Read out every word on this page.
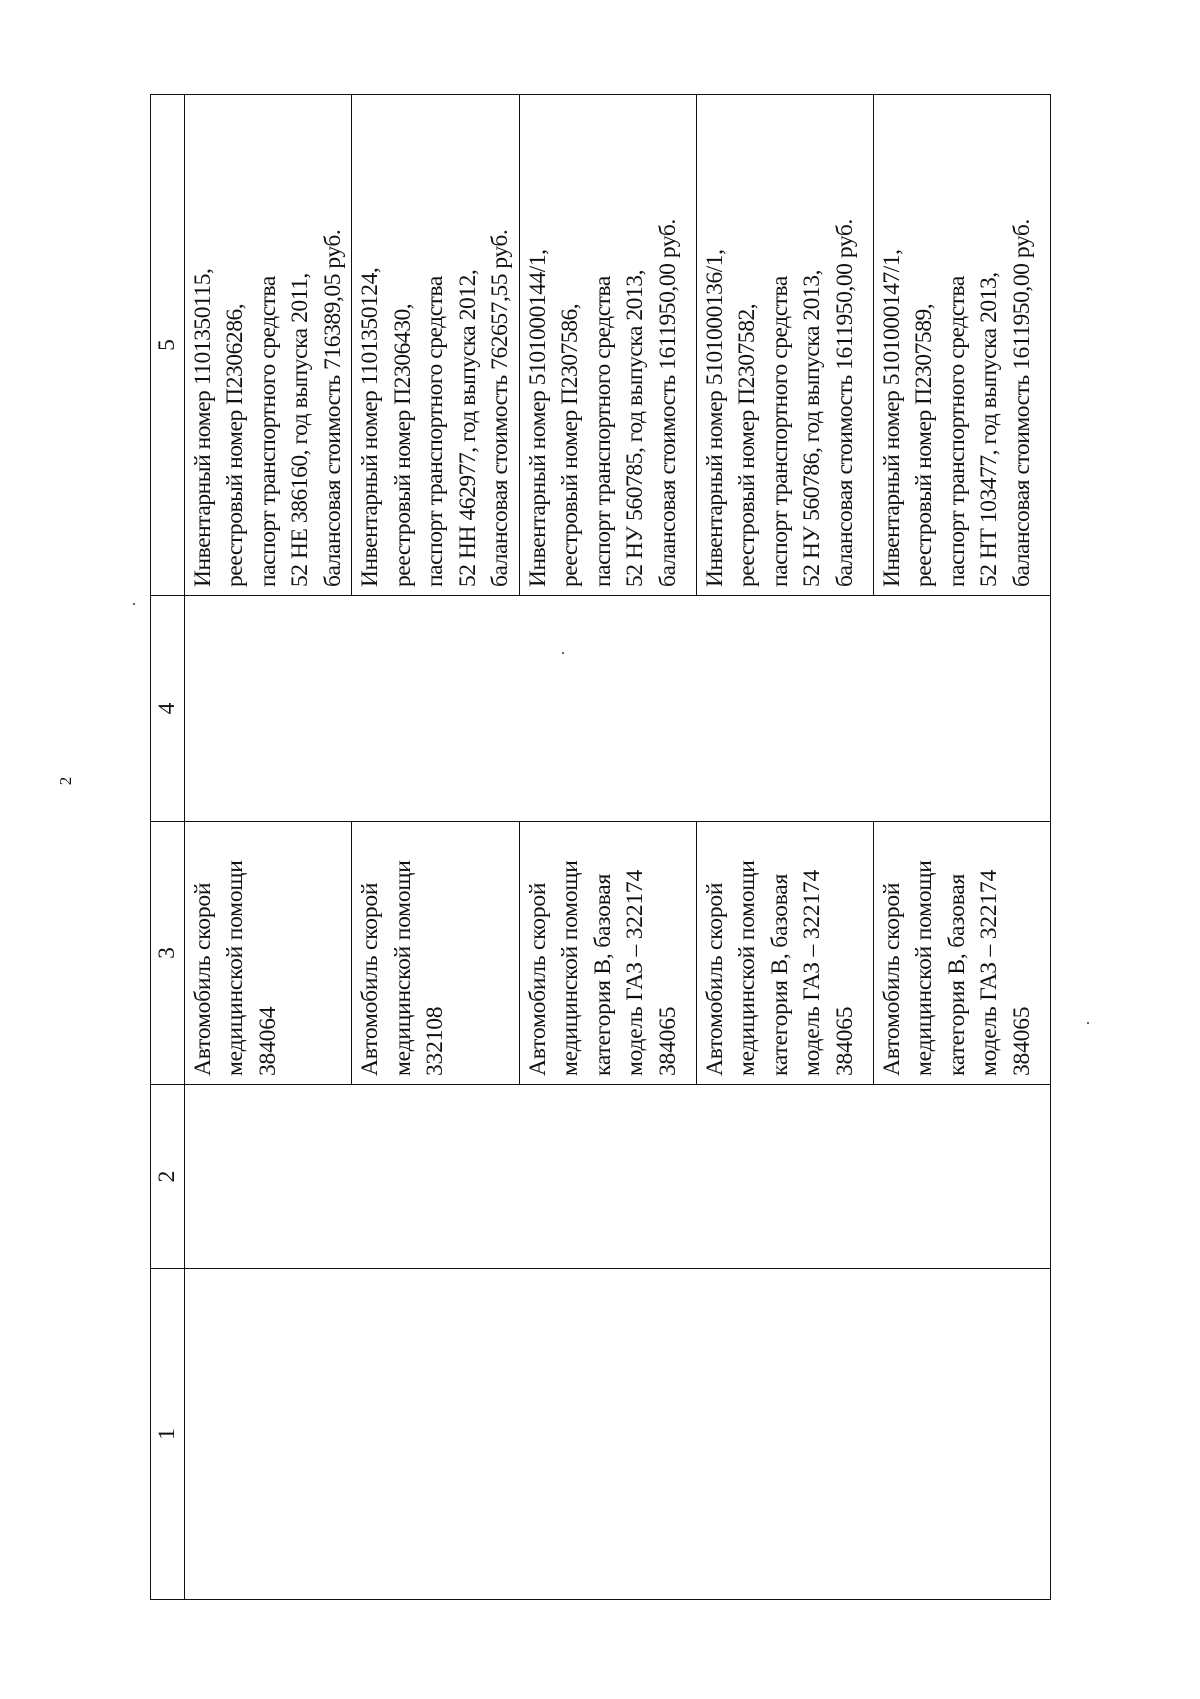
2
1	2	3	4	5

		Автомобиль скорой медицинской помощи 384064		Инвентарный номер 1101350115, реестровый номер П2306286, паспорт транспортного средства 52 НЕ 386160, год выпуска 2011, балансовая стоимость 716389,05 руб.

		Автомобиль скорой медицинской помощи 332108		Инвентарный номер 1101350124, реестровый номер П2306430, паспорт транспортного средства 52 НН 462977, год выпуска 2012, балансовая стоимость 762657,55 руб.

		Автомобиль скорой медицинской помощи категория В, базовая модель ГАЗ – 322174 384065		Инвентарный номер 5101000144/1, реестровый номер П2307586, паспорт транспортного средства 52 НУ 560785, год выпуска 2013, балансовая стоимость 1611950,00 руб.

		Автомобиль скорой медицинской помощи категория В, базовая модель ГАЗ – 322174 384065		Инвентарный номер 5101000136/1, реестровый номер П2307582, паспорт транспортного средства 52 НУ 560786, год выпуска 2013, балансовая стоимость 1611950,00 руб.

		Автомобиль скорой медицинской помощи категория В, базовая модель ГАЗ – 322174 384065		Инвентарный номер 5101000147/1, реестровый номер П2307589, паспорт транспортного средства 52 НТ 103477, год выпуска 2013, балансовая стоимость 1611950,00 руб.
